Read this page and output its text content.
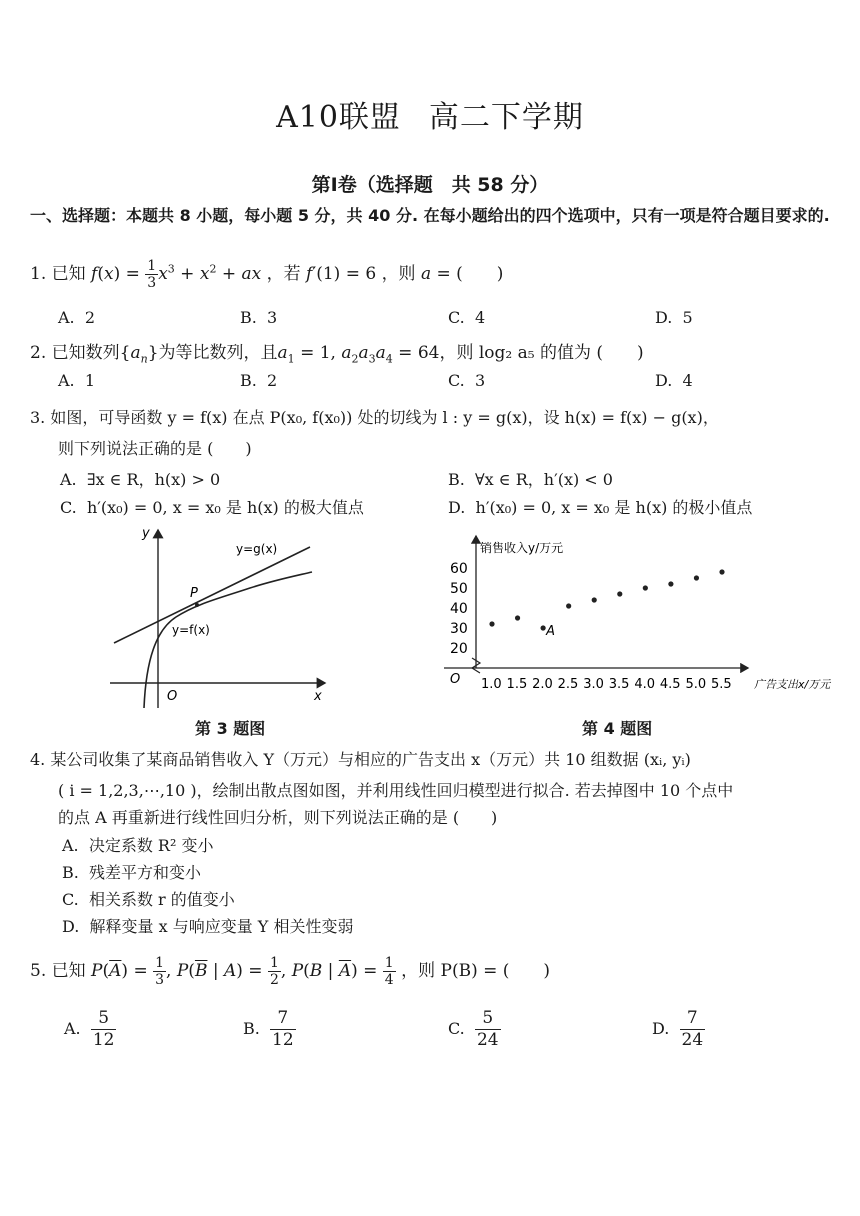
A10联盟 高二下学期
第Ⅰ卷（选择题　共 58 分）
一、选择题：本题共 8 小题，每小题 5 分，共 40 分. 在每小题给出的四个选项中，只有一项是符合题目要求的.
1. 已知 $f(x) = \frac{1}{3} x^3 + x^2$ + ax ，若 f′(1) = 6 ，则 a = (　　)
A. 2	B. 3	C. 4	D. 5
2. 已知数列$\{a_n\}$为等比数列，且$a_1 = 1$, $a_2a_3a_4 = 64$，则 log₂ a₅ 的值为 (　　)
A. 1	B. 2	C. 3	D. 4
3. 如图，可导函数 y = f(x) 在点 P(x₀, f(x₀)) 处的切线为 l : y = g(x)，设 h(x) = f(x) − g(x)，
则下列说法正确的是 (　　)
A. ∃x ∈ R，h(x) > 0	B. ∀x ∈ R，h′(x) < 0
C. h′(x₀) = 0, x = x₀ 是 h(x) 的极大值点	D. h′(x₀) = 0, x = x₀ 是 h(x) 的极小值点
y
x
O
y=g(x)
y=f(x)
P
第 3 题图
销售收入y/万元
广告支出x/万元
O
20
30
40
50
60
1.0 1.5 2.0 2.5 3.0 3.5 4.0 4.5 5.0 5.5
A
第 4 题图
4. 某公司收集了某商品销售收入 Y（万元）与相应的广告支出 x（万元）共 10 组数据 (xᵢ, yᵢ)
( i = 1,2,3,⋯,10 )，绘制出散点图如图，并利用线性回归模型进行拟合. 若去掉图中 10 个点中
的点 A 再重新进行线性回归分析，则下列说法正确的是 (　　)
A. 决定系数 R² 变小
B. 残差平方和变小
C. 相关系数 r 的值变小
D. 解释变量 x 与响应变量 Y 相关性变弱
5. 已知 $P(\overline{A}) = \frac{1}{3}$ , $P(\overline{B}$ | $A) = \frac{1}{2}$ , P(B | $\overline{A}) = \frac{1}{4}$ ，则 P(B) = (　　)
A. $\frac{5}{12}$	B. $\frac{7}{12}$	C. $\frac{5}{24}$	D. $\frac{7}{24}$
